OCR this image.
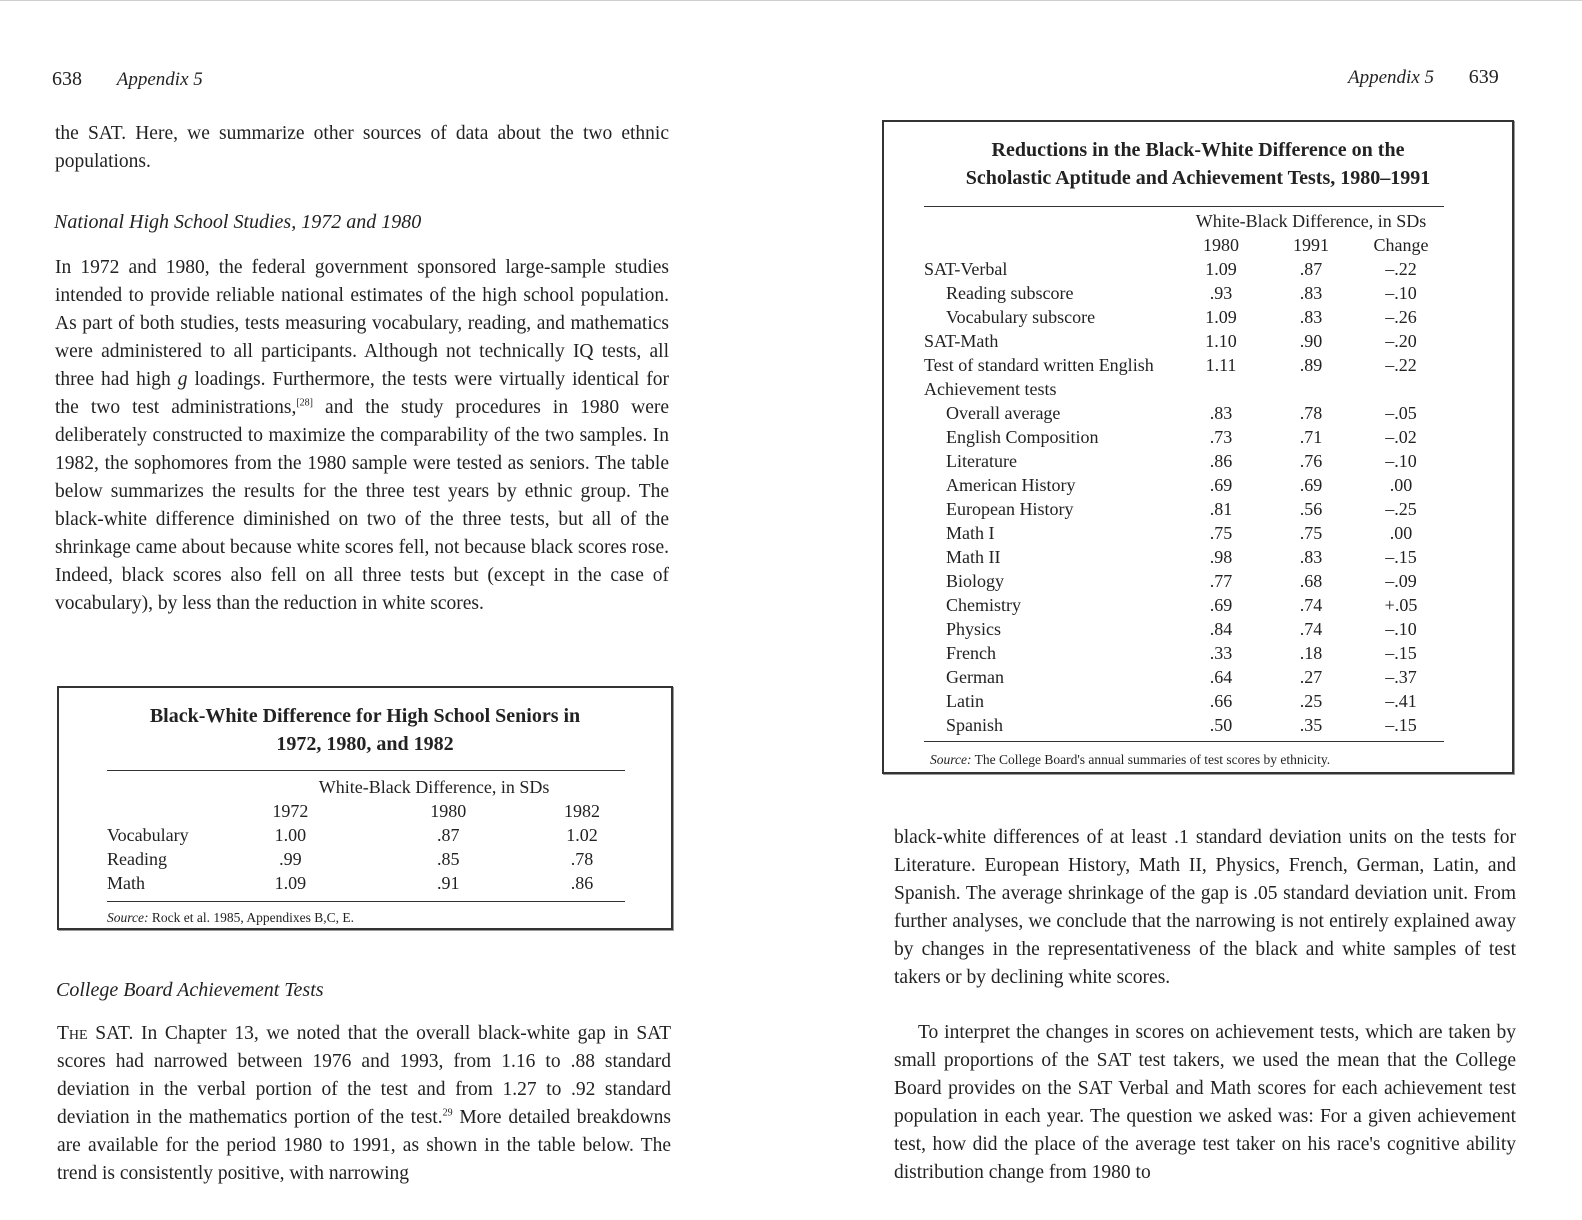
638 Appendix 5

the SAT. Here, we summarize other sources of data about the two ethnic populations.

National High School Studies, 1972 and 1980

In 1972 and 1980, the federal government sponsored large-sample studies intended to provide reliable national estimates of the high school population. As part of both studies, tests measuring vocabulary, reading, and mathematics were administered to all participants. Although not technically IQ tests, all three had high g loadings. Furthermore, the tests were virtually identical for the two test administrations,[28] and the study procedures in 1980 were deliberately constructed to maximize the comparability of the two samples. In 1982, the sophomores from the 1980 sample were tested as seniors. The table below summarizes the results for the three test years by ethnic group. The black-white difference diminished on two of the three tests, but all of the shrinkage came about because white scores fell, not because black scores rose. Indeed, black scores also fell on all three tests but (except in the case of vocabulary), by less than the reduction in white scores.

Black-White Difference for High School Seniors in
1972, 1980, and 1982
	White-Black Difference, in SDs		
	1972	1980	1982
Vocabulary	1.00	.87	1.02
Reading	.99	.85	.78
Math	1.09	.91	.86
Source: Rock et al. 1985, Appendixes B,C, E.
College Board Achievement Tests

The SAT. In Chapter 13, we noted that the overall black-white gap in SAT scores had narrowed between 1976 and 1993, from 1.16 to .88 standard deviation in the verbal portion of the test and from 1.27 to .92 standard deviation in the mathematics portion of the test.$^{29}$ More detailed breakdowns are available for the period 1980 to 1991, as shown in the table below. The trend is consistently positive, with narrowing

Appendix 5 639
Reductions in the Black-White Difference on the
Scholastic Aptitude and Achievement Tests, 1980–1991
	White-Black Difference, in SDs		
	1980	1991	Change
SAT-Verbal	1.09	.87	–.22
Reading subscore	.93	.83	–.10
Vocabulary subscore	1.09	.83	–.26
SAT-Math	1.10	.90	–.20
Test of standard written English	1.11	.89	–.22
Achievement tests			
Overall average	.83	.78	–.05
English Composition	.73	.71	–.02
Literature	.86	.76	–.10
American History	.69	.69	.00
European History	.81	.56	–.25
Math I	.75	.75	.00
Math II	.98	.83	–.15
Biology	.77	.68	–.09
Chemistry	.69	.74	+.05
Physics	.84	.74	–.10
French	.33	.18	–.15
German	.64	.27	–.37
Latin	.66	.25	–.41
Spanish	.50	.35	–.15
Source: The College Board's annual summaries of test scores by ethnicity.

black-white differences of at least .1 standard deviation units on the tests for Literature. European History, Math II, Physics, French, German, Latin, and Spanish. The average shrinkage of the gap is .05 standard deviation unit. From further analyses, we conclude that the narrowing is not entirely explained away by changes in the representativeness of the black and white samples of test takers or by declining white scores.

To interpret the changes in scores on achievement tests, which are taken by small proportions of the SAT test takers, we used the mean that the College Board provides on the SAT Verbal and Math scores for each achievement test population in each year. The question we asked was: For a given achievement test, how did the place of the average test taker on his race's cognitive ability distribution change from 1980 to
